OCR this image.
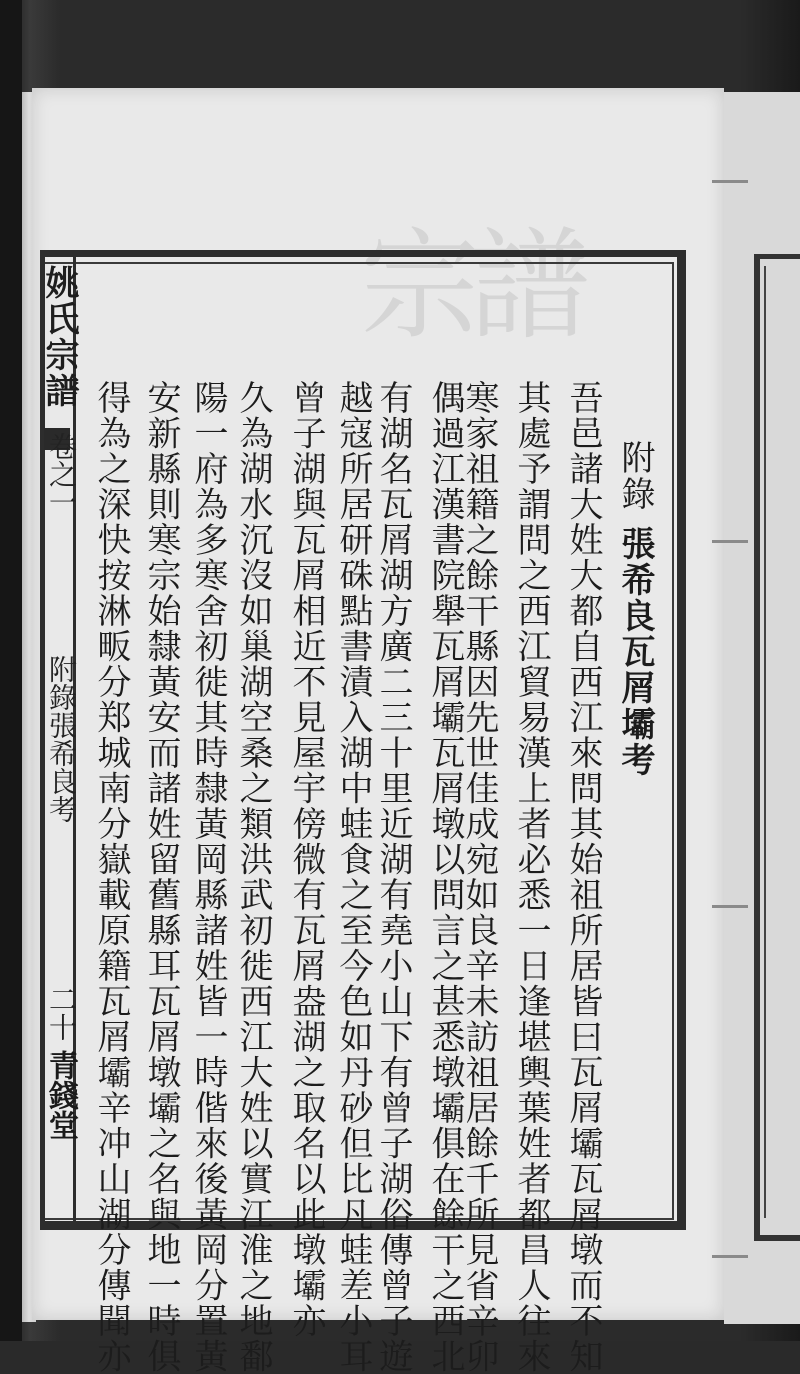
宗譜
姚氏宗譜
卷之一
附錄張希良考
二十一
青錢堂
附錄張希良瓦屑壩考
吾邑諸大姓大都自西江來問其始祖所居皆曰瓦屑壩瓦屑墩而不知
其處予謂問之西江貿易漢上者必悉一日逢堪輿葉姓者都昌人往來
寒家祖籍之餘干縣因先世佳成宛如良辛未訪祖居餘千所見省辛卯
偶過江漢書院舉瓦屑壩瓦屑墩以問言之甚悉墩壩俱在餘干之西北
有湖名瓦屑湖方廣二三十里近湖有堯小山下有曾子湖俗傳曾子遊
越寇所居研硃點書漬入湖中蛙食之至今色如丹砂但比凡蛙差小耳
曾子湖與瓦屑相近不見屋宇傍微有瓦屑盎湖之取名以此墩壩亦
久為湖水沉沒如巢湖空桑之類洪武初徙西江大姓以實江淮之地鄱
陽一府為多寒舍初徙其時隸黃岡縣諸姓皆一時偕來後黃岡分置黃
安新縣則寒宗始隸黃安而諸姓留舊縣耳瓦屑墩壩之名與地一時俱
得為之深快按淋畈分郑城南分嶽載原籍瓦屑壩辛冲山湖分傳聞亦
